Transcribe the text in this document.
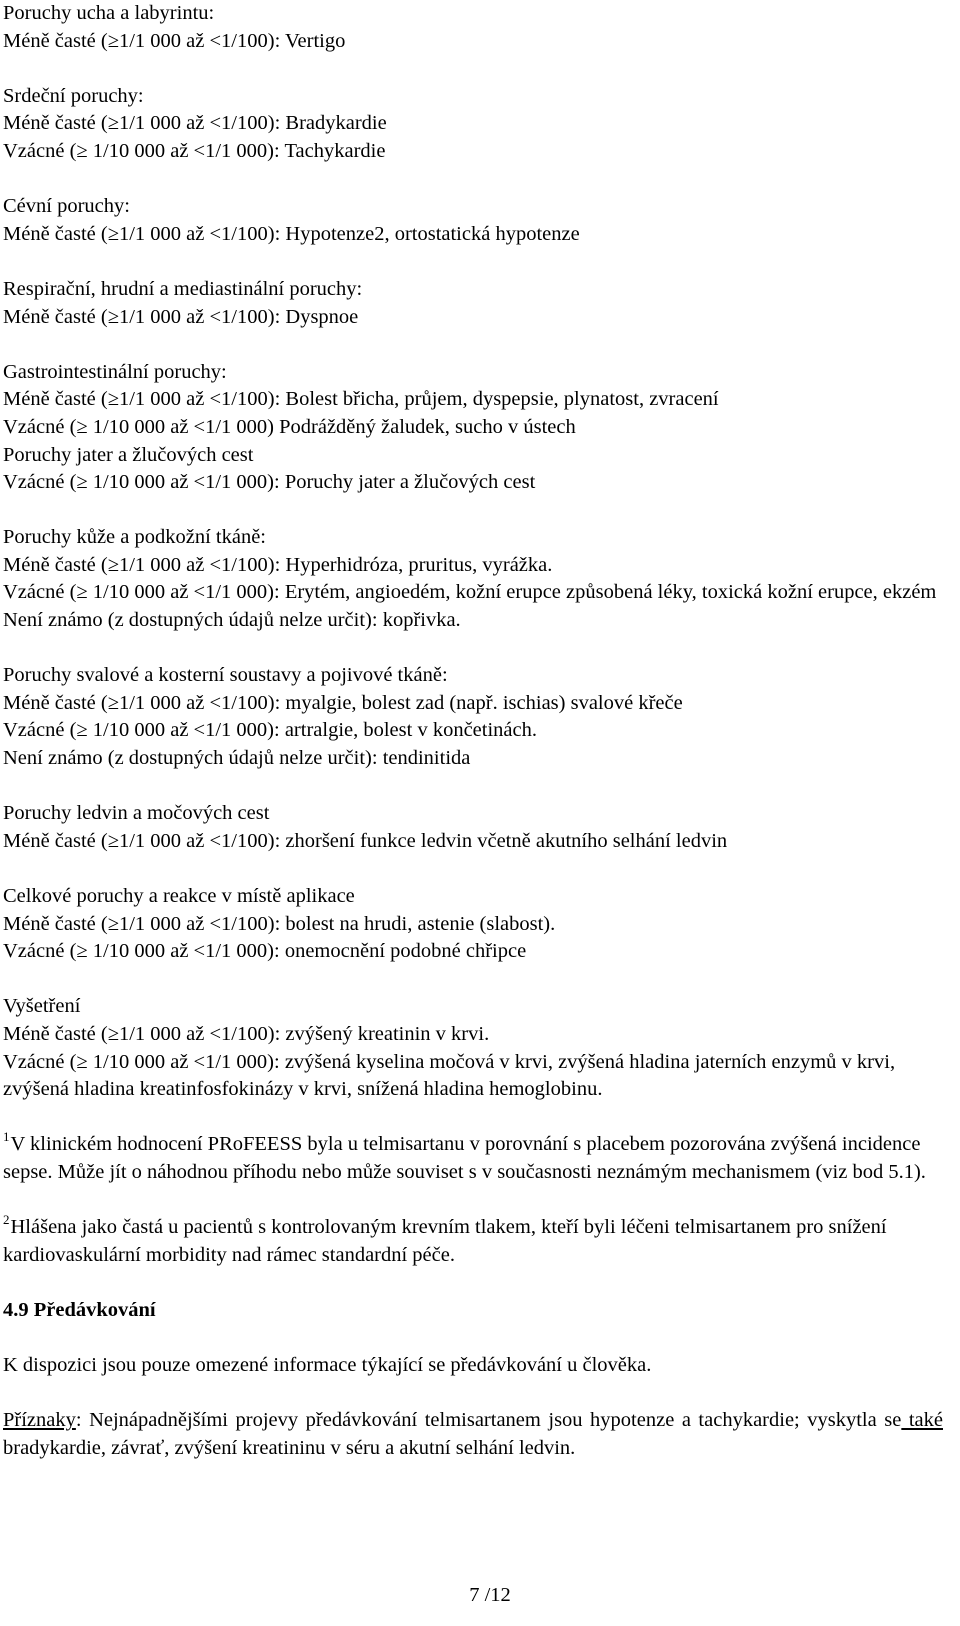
Poruchy ucha a labyrintu:
Méně časté (≥1/1 000 až <1/100): Vertigo
Srdeční poruchy:
Méně časté (≥1/1 000 až <1/100): Bradykardie
Vzácné (≥ 1/10 000 až <1/1 000): Tachykardie
Cévní poruchy:
Méně časté (≥1/1 000 až <1/100): Hypotenze2, ortostatická hypotenze
Respirační, hrudní a mediastinální poruchy:
Méně časté (≥1/1 000 až <1/100): Dyspnoe
Gastrointestinální poruchy:
Méně časté (≥1/1 000 až <1/100): Bolest břicha, průjem, dyspepsie, plynatost, zvracení
Vzácné (≥ 1/10 000 až <1/1 000) Podrážděný žaludek, sucho v ústech
Poruchy jater a žlučových cest
Vzácné (≥ 1/10 000 až <1/1 000): Poruchy jater a žlučových cest
Poruchy kůže a podkožní tkáně:
Méně časté (≥1/1 000 až <1/100): Hyperhidróza, pruritus, vyrážka.
Vzácné (≥ 1/10 000 až <1/1 000): Erytém, angioedém, kožní erupce způsobená léky, toxická kožní erupce, ekzém
Není známo (z dostupných údajů nelze určit): kopřivka.
Poruchy svalové a kosterní soustavy a pojivové tkáně:
Méně časté (≥1/1 000 až <1/100): myalgie, bolest zad (např. ischias) svalové křeče
Vzácné (≥ 1/10 000 až <1/1 000): artralgie, bolest v končetinách.
Není známo (z dostupných údajů nelze určit): tendinitida
Poruchy ledvin a močových cest
Méně časté (≥1/1 000 až <1/100): zhoršení funkce ledvin včetně akutního selhání ledvin
Celkové poruchy a reakce v místě aplikace
Méně časté (≥1/1 000 až <1/100): bolest na hrudi, astenie (slabost).
Vzácné (≥ 1/10 000 až <1/1 000): onemocnění podobné chřipce
Vyšetření
Méně časté (≥1/1 000 až <1/100): zvýšený kreatinin v krvi.
Vzácné (≥ 1/10 000 až <1/1 000): zvýšená kyselina močová v krvi, zvýšená hladina jaterních enzymů v krvi, zvýšená hladina kreatinfosfokinázy v krvi, snížená hladina hemoglobinu.
$^1$V klinickém hodnocení PRoFEESS byla u telmisartanu v porovnání s placebem pozorována zvýšená incidence sepse. Může jít o náhodnou příhodu nebo může souviset s v současnosti neznámým mechanismem (viz bod 5.1).
$^2$Hlášena jako častá u pacientů s kontrolovaným krevním tlakem, kteří byli léčeni telmisartanem pro snížení kardiovaskulární morbidity nad rámec standardní péče.
4.9 Předávkování
K dispozici jsou pouze omezené informace týkající se předávkování u člověka.
Příznaky: Nejnápadnějšími projevy předávkování telmisartanem jsou hypotenze a tachykardie; vyskytla se také bradykardie, závrať, zvýšení kreatininu v séru a akutní selhání ledvin.
7 /12
